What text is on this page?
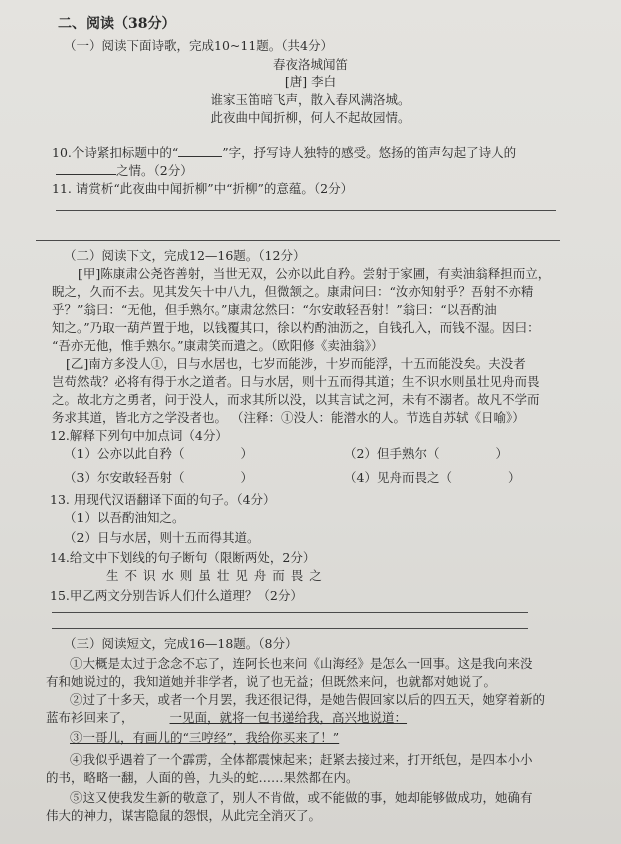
二、阅读（38分）
（一）阅读下面诗歌，完成10~11题。（共4分）
春夜洛城闻笛
[唐] 李白
谁家玉笛暗飞声，散入春风满洛城。
此夜曲中闻折柳，何人不起故园情。
10.个诗紧扣标题中的“	”字，抒写诗人独特的感受。悠扬的笛声勾起了诗人的
之情。（2分）
11. 请赏析“此夜曲中闻折柳”中“折柳”的意蕴。（2分）
（二）阅读下文，完成12—16题。（12分）
[甲]陈康肃公尧咨善射，当世无双，公亦以此自矜。尝射于家圃，有卖油翁释担而立，
睨之，久而不去。见其发矢十中八九，但微颔之。康肃问曰：“汝亦知射乎？吾射不亦精
乎？”翁曰：“无他，但手熟尔。”康肃忿然曰：“尔安敢轻吾射！”翁曰：“以吾酌油
知之。”乃取一葫芦置于地，以钱覆其口，徐以杓酌油沥之，自钱孔入，而钱不湿。因曰：
“吾亦无他，惟手熟尔。”康肃笑而遣之。（欧阳修《卖油翁》）
[乙]南方多没人①，日与水居也，七岁而能涉，十岁而能浮，十五而能没矣。夫没者
岂苟然哉？必将有得于水之道者。日与水居，则十五而得其道；生不识水则虽壮见舟而畏
之。故北方之勇者，问于没人，而求其所以没，以其言试之河，未有不溺者。故凡不学而
务求其道，皆北方之学没者也。 （注释：①没人：能潜水的人。节选自苏轼《日喻》）
12.解释下列句中加点词（4分）
（1）公亦以此自矜（	）	（2）但手熟尔（	）
（3）尔安敢轻吾射（	）	（4）见舟而畏之（	）
13. 用现代汉语翻译下面的句子。（4分）
（1）以吾酌油知之。
（2）日与水居，则十五而得其道。
14.给文中下划线的句子断句（限断两处，2分）
生 不 识 水 则 虽 壮 见 舟 而 畏 之
15.甲乙两文分别告诉人们什么道理？（2分）
（三）阅读短文，完成16—18题。（8分）
①大概是太过于念念不忘了，连阿长也来问《山海经》是怎么一回事。这是我向来没
有和她说过的，我知道她并非学者，说了也无益；但既然来问，也就都对她说了。
②过了十多天，或者一个月罢，我还很记得，是她告假回家以后的四五天，她穿着新的
蓝布衫回来了，	一见面，就将一包书递给我，高兴地说道：
③一哥儿，有画儿的“三哼经”，我给你买来了！”
④我似乎遇着了一个霹雳，全体都震悚起来；赶紧去接过来，打开纸包，是四本小小
的书，略略一翻，人面的兽，九头的蛇……果然都在内。
⑤这又使我发生新的敬意了，别人不肯做，或不能做的事，她却能够做成功，她确有
伟大的神力，谋害隐鼠的怨恨，从此完全消灭了。
